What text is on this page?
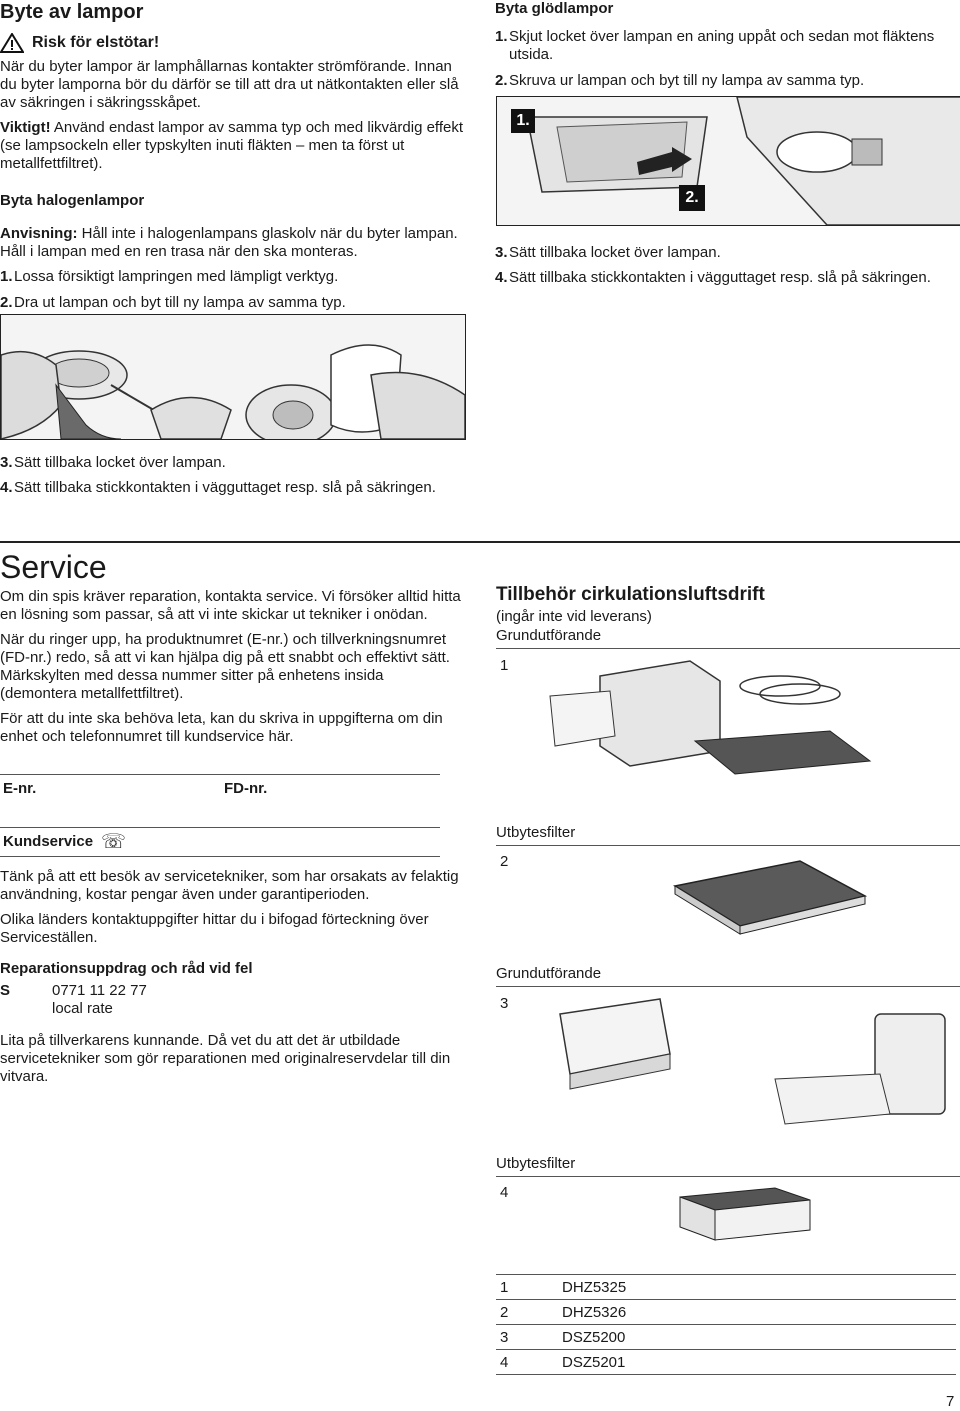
Byte av lampor
Risk för elstötar!

När du byter lampor är lamphållarnas kontakter strömförande. Innan du byter lamporna bör du därför se till att dra ut nätkontakten eller slå av säkringen i säkringsskåpet.

Viktigt! Använd endast lampor av samma typ och med likvärdig effekt (se lampsockeln eller typskylten inuti fläkten – men ta först ut metallfettfiltret).

Byta halogenlampor

Anvisning: Håll inte i halogenlampans glaskolv när du byter lampan. Håll i lampan med en ren trasa när den ska monteras.

1. Lossa försiktigt lampringen med lämpligt verktyg.
2. Dra ut lampan och byt till ny lampa av samma typ.
3. Sätt tillbaka locket över lampan.
4. Sätt tillbaka stickkontakten i vägguttaget resp. slå på säkringen.
Byta glödlampor
1. Skjut locket över lampan en aning uppåt och sedan mot fläktens utsida.
2. Skruva ur lampan och byt till ny lampa av samma typ.
1.
2.
3. Sätt tillbaka locket över lampan.
4. Sätt tillbaka stickkontakten i vägguttaget resp. slå på säkringen.
Service

Om din spis kräver reparation, kontakta service. Vi försöker alltid hitta en lösning som passar, så att vi inte skickar ut tekniker i onödan.

När du ringer upp, ha produktnumret (E-nr.) och tillverkningsnumret (FD-nr.) redo, så att vi kan hjälpa dig på ett snabbt och effektivt sätt. Märkskylten med dessa nummer sitter på enhetens insida (demontera metallfettfiltret).

För att du inte ska behöva leta, kan du skriva in uppgifterna om din enhet och telefonnumret till kundservice här.

E-nr.	FD-nr.
Kundservice ☏

Tänk på att ett besök av servicetekniker, som har orsakats av felaktig användning, kostar pengar även under garantiperioden.

Olika länders kontaktuppgifter hittar du i bifogad förteckning över Serviceställen.

Reparationsuppdrag och råd vid fel
S	0771 11 22 77
local rate

Lita på tillverkarens kunnande. Då vet du att det är utbildade servicetekniker som gör reparationen med originalreservdelar till din vitvara.

Tillbehör cirkulationsluftsdrift
(ingår inte vid leverans)
Grundutförande
1
Utbytesfilter
2
Grundutförande
3
Utbytesfilter
4
1	DHZ5325
2	DHZ5326
3	DSZ5200
4	DSZ5201
7
